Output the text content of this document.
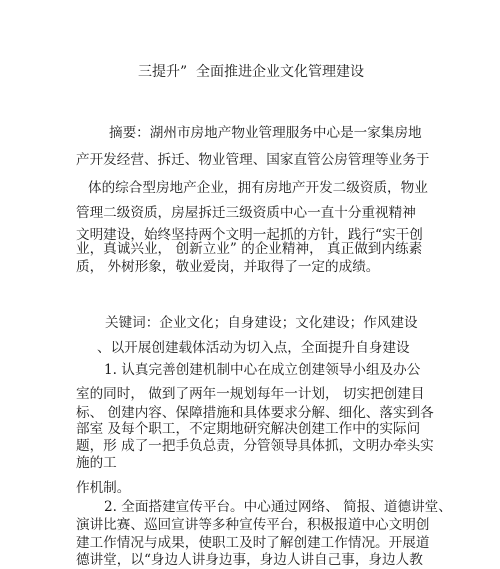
三提升”  全面推进企业文化管理建设
摘要：湖州市房地产物业管理服务中心是一家集房地
产开发经营、拆迁、物业管理、国家直管公房管理等业务于
体的综合型房地产企业，拥有房地产开发二级资质，物业
管理二级资质，房屋拆迁三级资质中心一直十分重视精神
文明建设，始终坚持两个文明一起抓的方针，践行“实干创
业，真诚兴业， 创新立业” 的企业精神， 真正做到内练素
质， 外树形象，敬业爱岗，并取得了一定的成绩。
关键词：企业文化；自身建设；文化建设；作风建设
、以开展创建载体活动为切入点，全面提升自身建设
1. 认真完善创建机制中心在成立创建领导小组及办公
室的同时， 做到了两年一规划每年一计划， 切实把创建目
标、 创建内容、保障措施和具体要求分解、细化、落实到各
部室 及每个职工，不定期地研究解决创建工作中的实际问
题，形 成了一把手负总责，分管领导具体抓，文明办牵头实
施的工
作机制。
2. 全面搭建宣传平台。中心通过网络、 简报、道德讲堂、
演讲比赛、巡回宣讲等多种宣传平台，积极报道中心文明创
建工作情况与成果，使职工及时了解创建工作情况。开展道
德讲堂，以“身边人讲身边事，身边人讲自己事，身边人教
